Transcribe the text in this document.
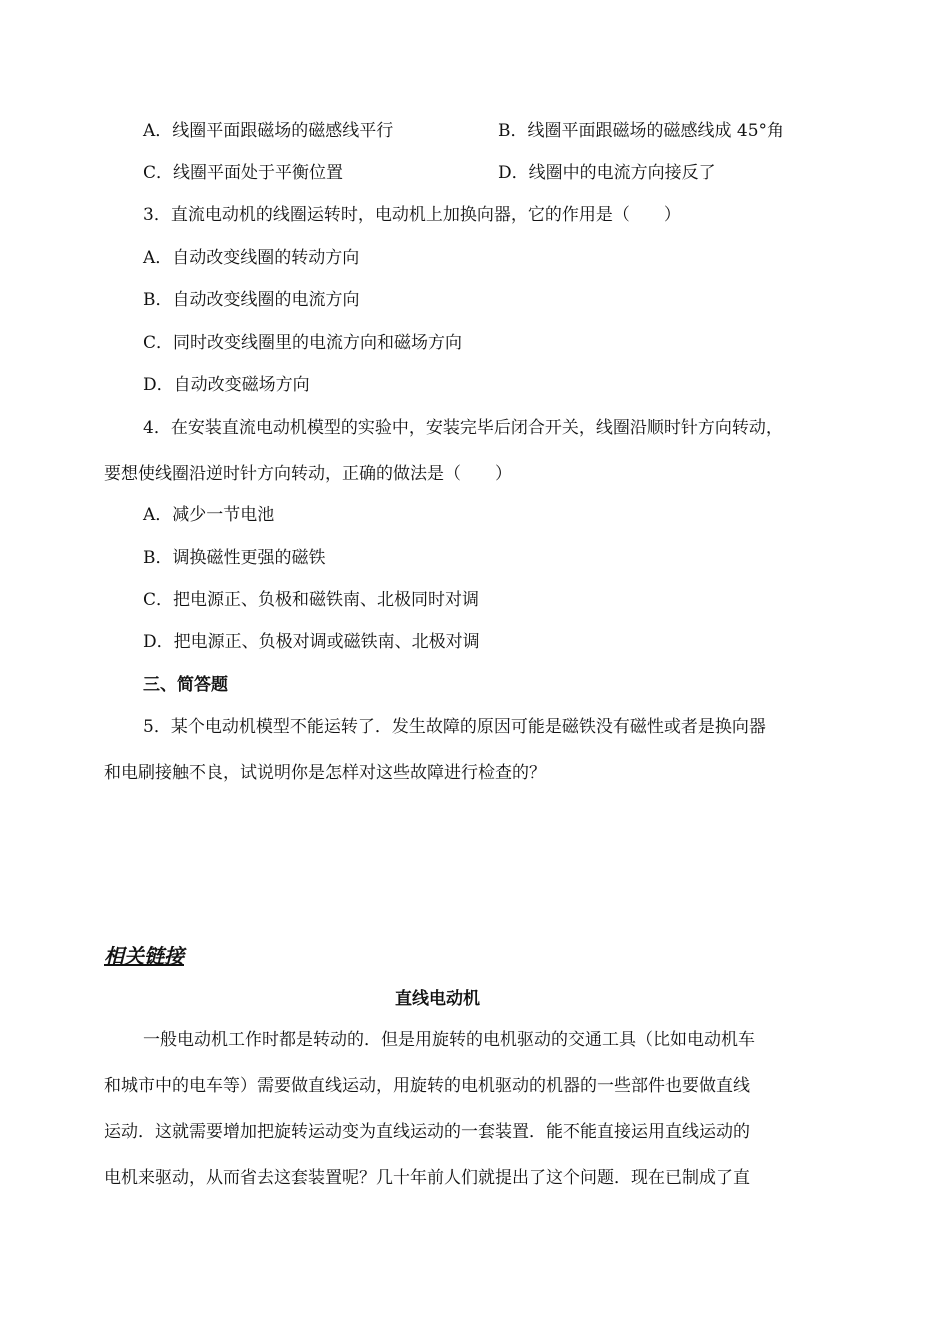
A．线圈平面跟磁场的磁感线平行	B．线圈平面跟磁场的磁感线成 45°角
C．线圈平面处于平衡位置	D．线圈中的电流方向接反了
3．直流电动机的线圈运转时，电动机上加换向器，它的作用是（　　）
A．自动改变线圈的转动方向
B．自动改变线圈的电流方向
C．同时改变线圈里的电流方向和磁场方向
D．自动改变磁场方向
4．在安装直流电动机模型的实验中，安装完毕后闭合开关，线圈沿顺时针方向转动，
要想使线圈沿逆时针方向转动，正确的做法是（　　）
A．减少一节电池
B．调换磁性更强的磁铁
C．把电源正、负极和磁铁南、北极同时对调
D．把电源正、负极对调或磁铁南、北极对调
三、简答题
5．某个电动机模型不能运转了．发生故障的原因可能是磁铁没有磁性或者是换向器
和电刷接触不良，试说明你是怎样对这些故障进行检查的？
相关链接
直线电动机
一般电动机工作时都是转动的．但是用旋转的电机驱动的交通工具（比如电动机车
和城市中的电车等）需要做直线运动，用旋转的电机驱动的机器的一些部件也要做直线
运动．这就需要增加把旋转运动变为直线运动的一套装置．能不能直接运用直线运动的
电机来驱动，从而省去这套装置呢？几十年前人们就提出了这个问题．现在已制成了直
